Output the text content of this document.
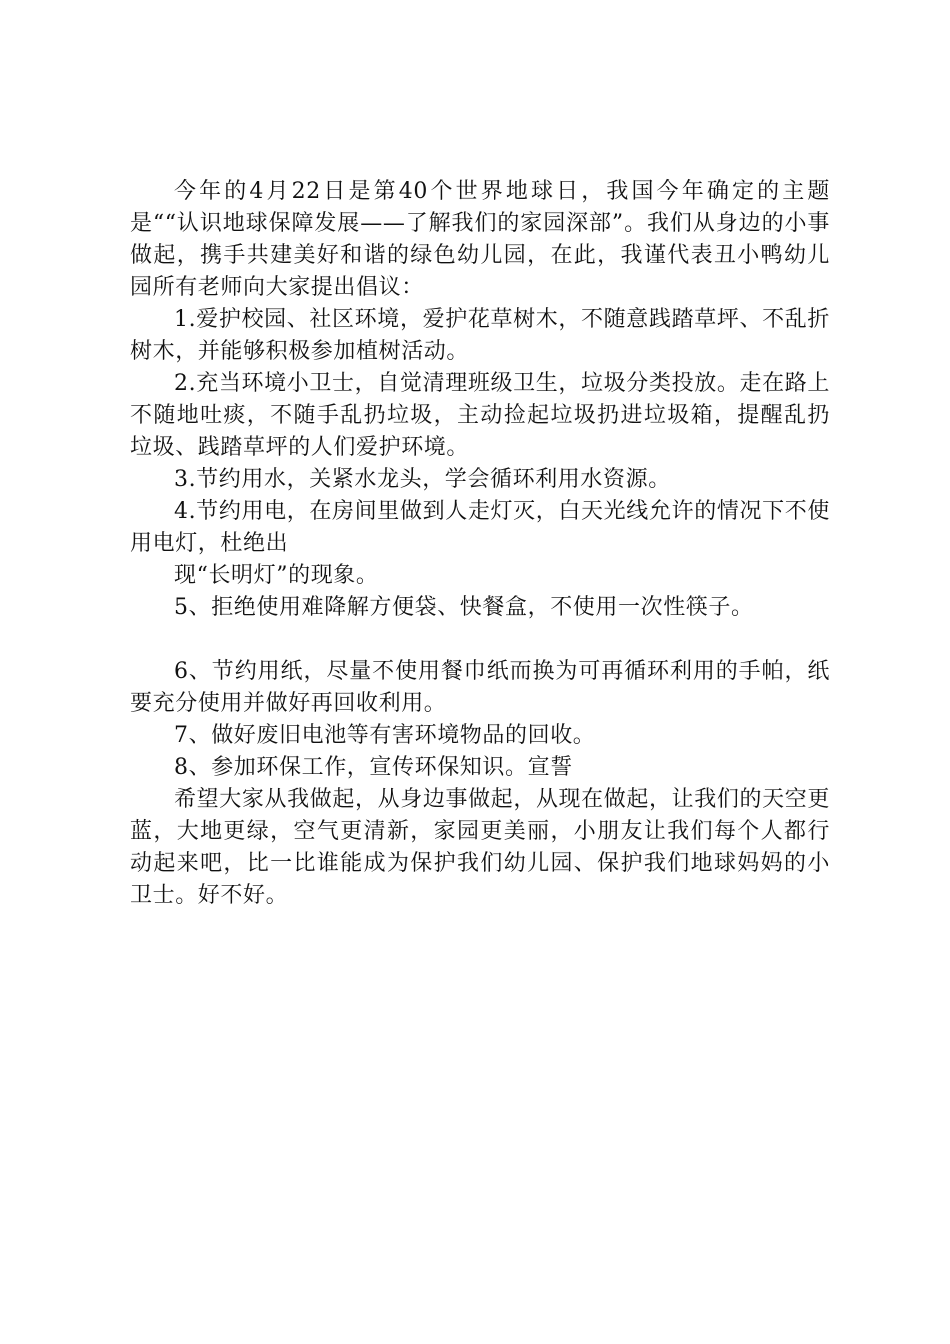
今年的4月22日是第40个世界地球日，我国今年确定的主题是““认识地球保障发展——了解我们的家园深部”。我们从身边的小事做起，携手共建美好和谐的绿色幼儿园，在此，我谨代表丑小鸭幼儿园所有老师向大家提出倡议：

1.爱护校园、社区环境，爱护花草树木，不随意践踏草坪、不乱折树木，并能够积极参加植树活动。

2.充当环境小卫士，自觉清理班级卫生，垃圾分类投放。走在路上不随地吐痰，不随手乱扔垃圾，主动捡起垃圾扔进垃圾箱，提醒乱扔垃圾、践踏草坪的人们爱护环境。

3.节约用水，关紧水龙头，学会循环利用水资源。

4.节约用电，在房间里做到人走灯灭，白天光线允许的情况下不使用电灯，杜绝出

现“长明灯”的现象。

5、拒绝使用难降解方便袋、快餐盒，不使用一次性筷子。

6、节约用纸，尽量不使用餐巾纸而换为可再循环利用的手帕，纸要充分使用并做好再回收利用。

7、做好废旧电池等有害环境物品的回收。

8、参加环保工作，宣传环保知识。宣誓

希望大家从我做起，从身边事做起，从现在做起，让我们的天空更蓝，大地更绿，空气更清新，家园更美丽，小朋友让我们每个人都行动起来吧，比一比谁能成为保护我们幼儿园、保护我们地球妈妈的小卫士。好不好。
